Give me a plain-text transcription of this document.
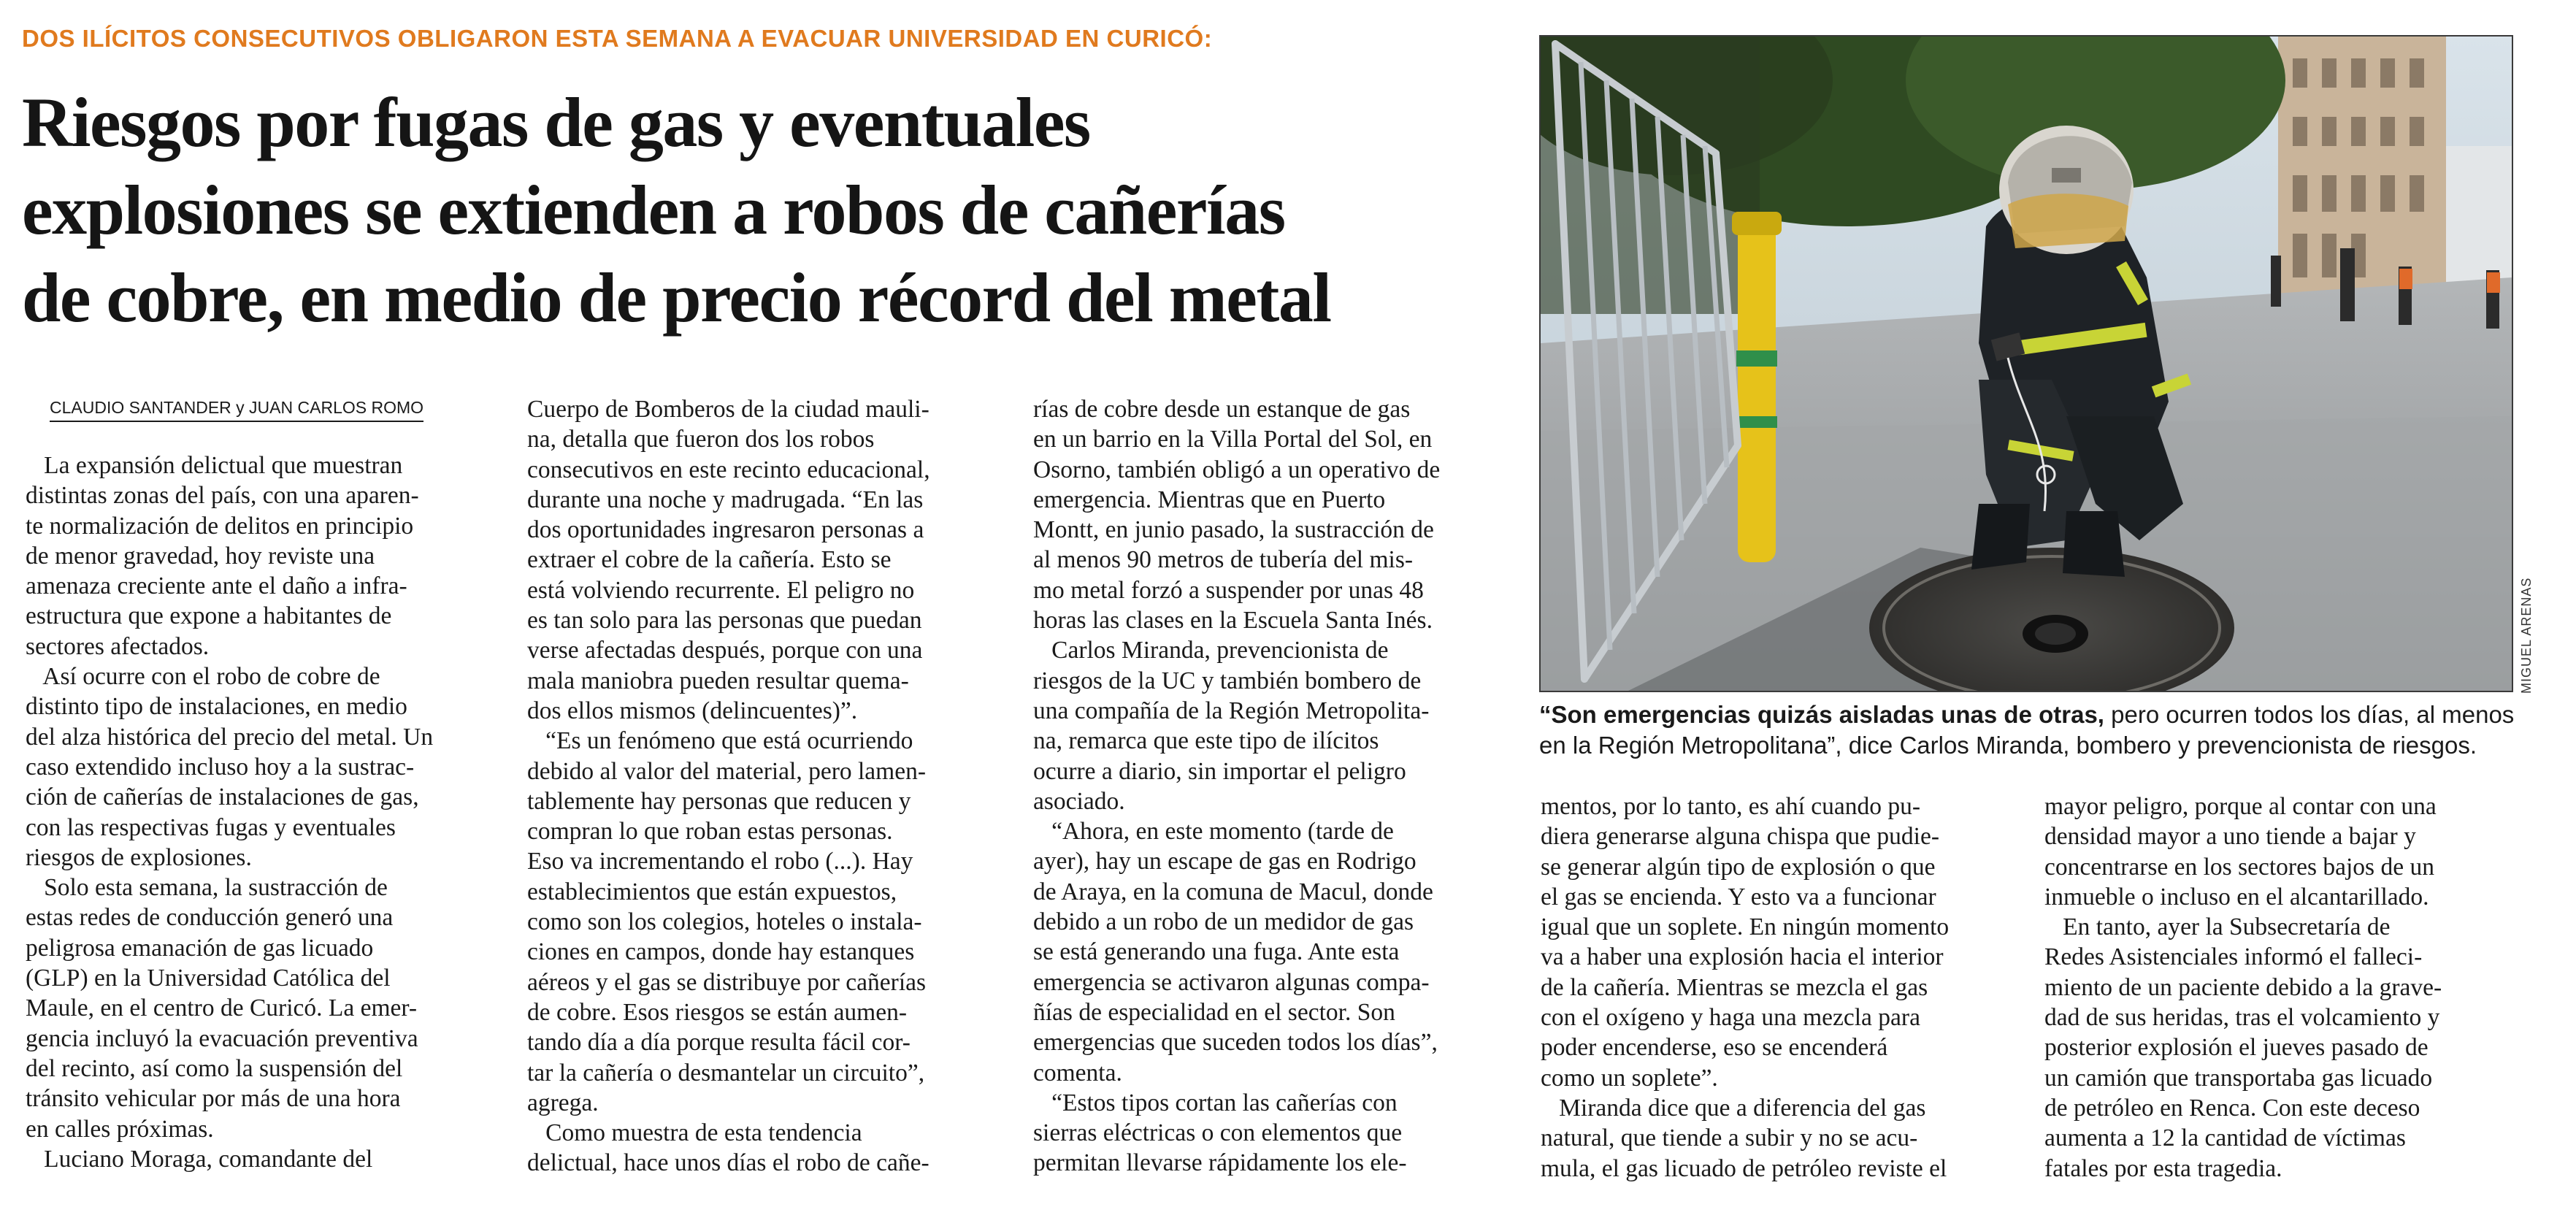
DOS ILÍCITOS CONSECUTIVOS OBLIGARON ESTA SEMANA A EVACUAR UNIVERSIDAD EN CURICÓ:
Riesgos por fugas de gas y eventuales
explosiones se extienden a robos de cañerías
de cobre, en medio de precio récord del metal
CLAUDIO SANTANDER y JUAN CARLOS ROMO
La expansión delictual que muestran
distintas zonas del país, con una aparen-
te normalización de delitos en principio
de menor gravedad, hoy reviste una
amenaza creciente ante el daño a infra-
estructura que expone a habitantes de
sectores afectados.
Así ocurre con el robo de cobre de
distinto tipo de instalaciones, en medio
del alza histórica del precio del metal. Un
caso extendido incluso hoy a la sustrac-
ción de cañerías de instalaciones de gas,
con las respectivas fugas y eventuales
riesgos de explosiones.
Solo esta semana, la sustracción de
estas redes de conducción generó una
peligrosa emanación de gas licuado
(GLP) en la Universidad Católica del
Maule, en el centro de Curicó. La emer-
gencia incluyó la evacuación preventiva
del recinto, así como la suspensión del
tránsito vehicular por más de una hora
en calles próximas.
Luciano Moraga, comandante del
Cuerpo de Bomberos de la ciudad mauli-
na, detalla que fueron dos los robos
consecutivos en este recinto educacional,
durante una noche y madrugada. “En las
dos oportunidades ingresaron personas a
extraer el cobre de la cañería. Esto se
está volviendo recurrente. El peligro no
es tan solo para las personas que puedan
verse afectadas después, porque con una
mala maniobra pueden resultar quema-
dos ellos mismos (delincuentes)”.
“Es un fenómeno que está ocurriendo
debido al valor del material, pero lamen-
tablemente hay personas que reducen y
compran lo que roban estas personas.
Eso va incrementando el robo (...). Hay
establecimientos que están expuestos,
como son los colegios, hoteles o instala-
ciones en campos, donde hay estanques
aéreos y el gas se distribuye por cañerías
de cobre. Esos riesgos se están aumen-
tando día a día porque resulta fácil cor-
tar la cañería o desmantelar un circuito”,
agrega.
Como muestra de esta tendencia
delictual, hace unos días el robo de cañe-
rías de cobre desde un estanque de gas
en un barrio en la Villa Portal del Sol, en
Osorno, también obligó a un operativo de
emergencia. Mientras que en Puerto
Montt, en junio pasado, la sustracción de
al menos 90 metros de tubería del mis-
mo metal forzó a suspender por unas 48
horas las clases en la Escuela Santa Inés.
Carlos Miranda, prevencionista de
riesgos de la UC y también bombero de
una compañía de la Región Metropolita-
na, remarca que este tipo de ilícitos
ocurre a diario, sin importar el peligro
asociado.
“Ahora, en este momento (tarde de
ayer), hay un escape de gas en Rodrigo
de Araya, en la comuna de Macul, donde
debido a un robo de un medidor de gas
se está generando una fuga. Ante esta
emergencia se activaron algunas compa-
ñías de especialidad en el sector. Son
emergencias que suceden todos los días”,
comenta.
“Estos tipos cortan las cañerías con
sierras eléctricas o con elementos que
permitan llevarse rápidamente los ele-
mentos, por lo tanto, es ahí cuando pu-
diera generarse alguna chispa que pudie-
se generar algún tipo de explosión o que
el gas se encienda. Y esto va a funcionar
igual que un soplete. En ningún momento
va a haber una explosión hacia el interior
de la cañería. Mientras se mezcla el gas
con el oxígeno y haga una mezcla para
poder encenderse, eso se encenderá
como un soplete”.
Miranda dice que a diferencia del gas
natural, que tiende a subir y no se acu-
mula, el gas licuado de petróleo reviste el
mayor peligro, porque al contar con una
densidad mayor a uno tiende a bajar y
concentrarse en los sectores bajos de un
inmueble o incluso en el alcantarillado.
En tanto, ayer la Subsecretaría de
Redes Asistenciales informó el falleci-
miento de un paciente debido a la grave-
dad de sus heridas, tras el volcamiento y
posterior explosión el jueves pasado de
un camión que transportaba gas licuado
de petróleo en Renca. Con este deceso
aumenta a 12 la cantidad de víctimas
fatales por esta tragedia.
MIGUEL ARENAS
“Son emergencias quizás aisladas unas de otras, pero ocurren todos los días, al menos
en la Región Metropolitana”, dice Carlos Miranda, bombero y prevencionista de riesgos.
